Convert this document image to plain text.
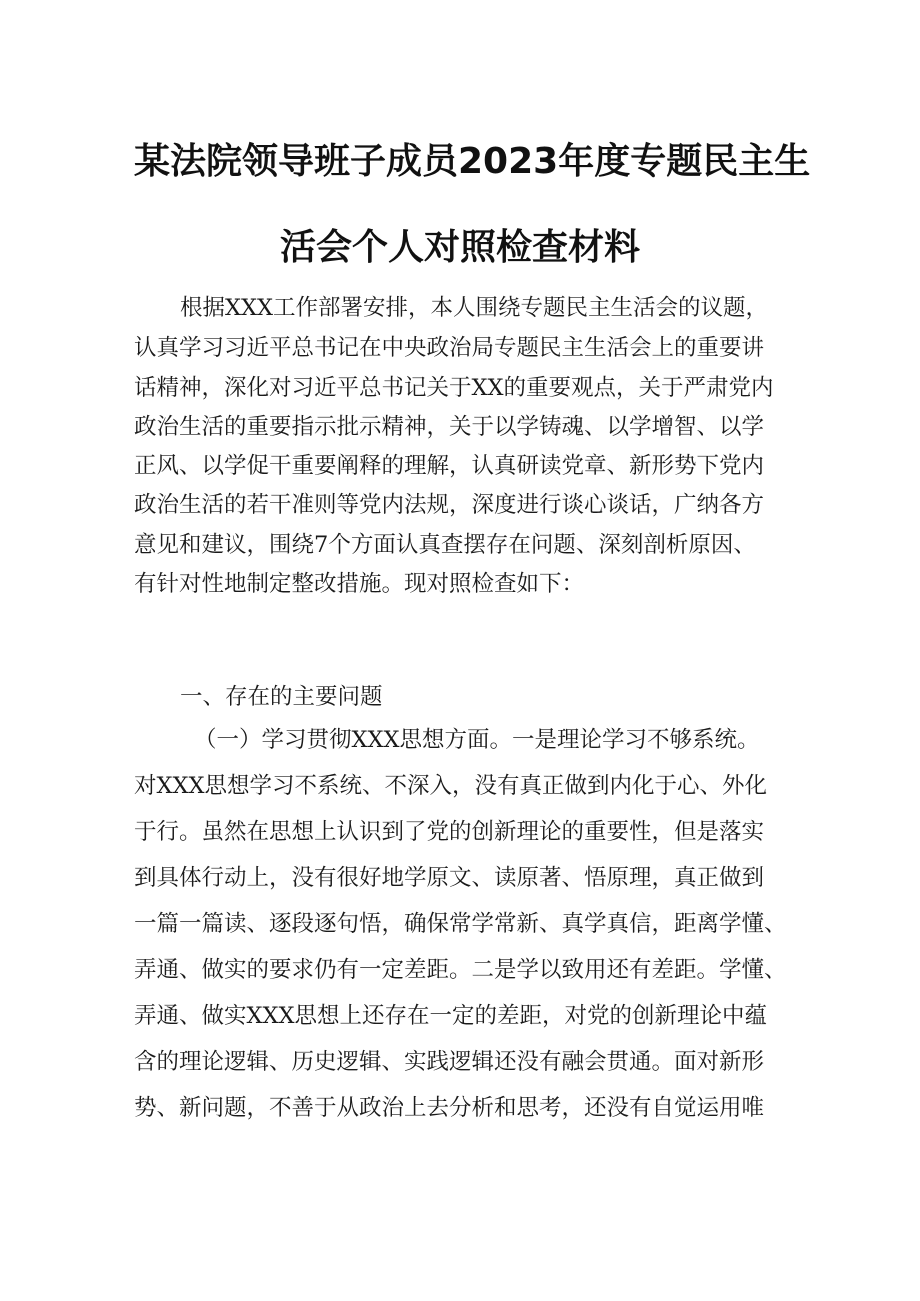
某法院领导班子成员2023年度专题民主生
活会个人对照检查材料
根据XXX工作部署安排，本人围绕专题民主生活会的议题，
认真学习习近平总书记在中央政治局专题民主生活会上的重要讲
话精神，深化对习近平总书记关于XX的重要观点，关于严肃党内
政治生活的重要指示批示精神，关于以学铸魂、以学增智、以学
正风、以学促干重要阐释的理解，认真研读党章、新形势下党内
政治生活的若干准则等党内法规，深度进行谈心谈话，广纳各方
意见和建议，围绕7个方面认真查摆存在问题、深刻剖析原因、
有针对性地制定整改措施。现对照检查如下：
一、存在的主要问题
（一）学习贯彻XXX思想方面。一是理论学习不够系统。
对XXX思想学习不系统、不深入，没有真正做到内化于心、外化
于行。虽然在思想上认识到了党的创新理论的重要性，但是落实
到具体行动上，没有很好地学原文、读原著、悟原理，真正做到
一篇一篇读、逐段逐句悟，确保常学常新、真学真信，距离学懂、
弄通、做实的要求仍有一定差距。二是学以致用还有差距。学懂、
弄通、做实XXX思想上还存在一定的差距，对党的创新理论中蕴
含的理论逻辑、历史逻辑、实践逻辑还没有融会贯通。面对新形
势、新问题，不善于从政治上去分析和思考，还没有自觉运用唯
